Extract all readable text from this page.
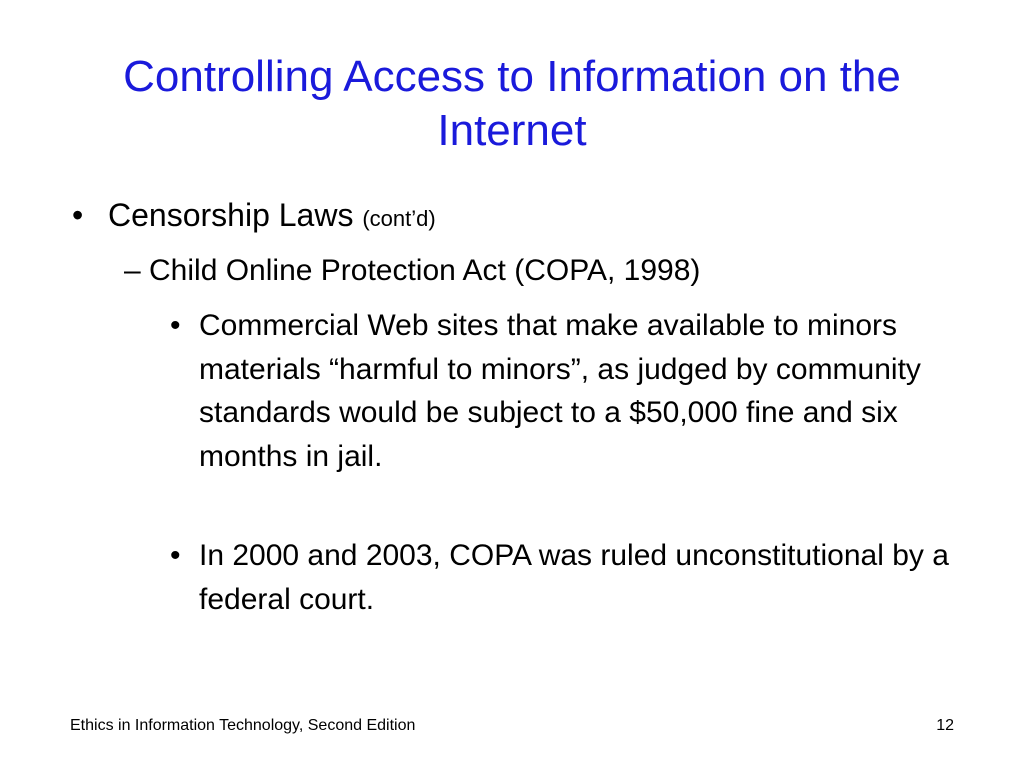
Controlling Access to Information on the Internet
• Censorship Laws (cont’d)
– Child Online Protection Act (COPA, 1998)
• Commercial Web sites that make available to minors materials “harmful to minors”, as judged by community standards would be subject to a $50,000 fine and six months in jail.
• In 2000 and 2003, COPA was ruled unconstitutional by a federal court.
Ethics in Information Technology, Second Edition	12
